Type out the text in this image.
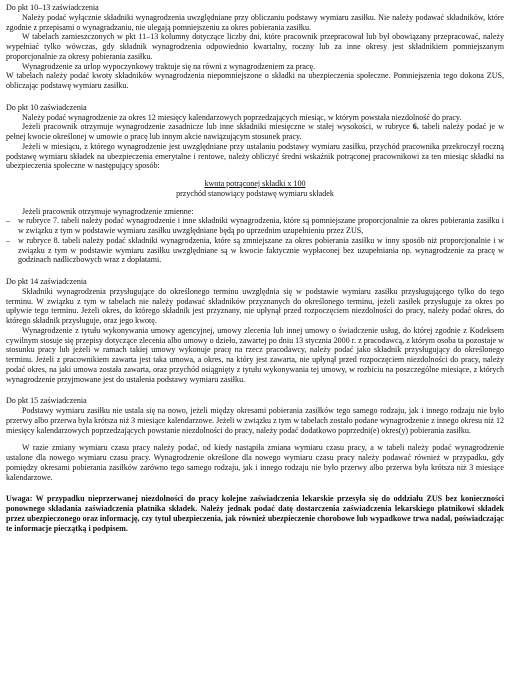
Do pkt 10–13 zaświadczenia

Należy podać wyłącznie składniki wynagrodzenia uwzględniane przy obliczaniu podstawy wymiaru zasiłku. Nie należy podawać składników, które zgodnie z przepisami o wynagradzaniu, nie ulegają pomniejszeniu za okres pobierania zasiłku.

W tabelach zamieszczonych w pkt 11–13 kolumny dotyczące liczby dni, które pracownik przepracował lub był obowiązany przepracować, należy wypełniać tylko wówczas, gdy składnik wynagrodzenia odpowiednio kwartalny, roczny lub za inne okresy jest składnikiem pomniejszanym proporcjonalnie za okresy pobierania zasiłku.

Wynagrodzenie za urlop wypoczynkowy traktuje się na równi z wynagrodzeniem za pracę.

W tabelach należy podać kwoty składników wynagrodzenia niepomniejszone o składki na ubezpieczenia społeczne. Pomniejszenia tego dokona ZUS, obliczając podstawę wymiaru zasiłku.

Do pkt 10 zaświadczenia

Należy podać wynagrodzenie za okres 12 miesięcy kalendarzowych poprzedzających miesiąc, w którym powstała niezdolność do pracy.

Jeżeli pracownik otrzymuje wynagrodzenie zasadnicze lub inne składniki miesięczne w stałej wysokości, w rubryce 6. tabeli należy podać je w pełnej kwocie określonej w umowie o pracę lub innym akcie nawiązującym stosunek pracy.

Jeżeli w miesiącu, z którego wynagrodzenie jest uwzględniane przy ustalaniu podstawy wymiaru zasiłku, przychód pracownika przekroczył roczną podstawę wymiaru składek na ubezpieczenia emerytalne i rentowe, należy obliczyć średni wskaźnik potrąconej pracownikowi za ten miesiąc składki na ubezpieczenia społeczne w następujący sposób:

kwota potrąconej składki x 100
przychód stanowiący podstawę wymiaru składek

Jeżeli pracownik otrzymuje wynagrodzenie zmienne:

– w rubryce 7. tabeli należy podać wynagrodzenie i inne składniki wynagrodzenia, które są pomniejszane proporcjonalnie za okres pobierania zasiłku i w związku z tym w podstawie wymiaru zasiłku uwzględniane będą po uprzednim uzupełnieniu przez ZUS,
– w rubryce 8. tabeli należy podać składniki wynagrodzenia, które są zmniejszane za okres pobierania zasiłku w inny sposób niż proporcjonalnie i w związku z tym w podstawie wymiaru zasiłku uwzględniane są w kwocie faktycznie wypłaconej bez uzupełniania np. wynagrodzenie za pracę w godzinach nadliczbowych wraz z dopłatami.

Do pkt 14 zaświadczenia

Składniki wynagrodzenia przysługujące do określonego terminu uwzględnia się w podstawie wymiaru zasiłku przysługującego tylko do tego terminu. W związku z tym w tabelach nie należy podawać składników przyznanych do określonego terminu, jeżeli zasiłek przysługuje za okres po upływie tego terminu. Jeżeli okres, do którego składnik jest przyznany, nie upłynął przed rozpoczęciem niezdolności do pracy, należy podać okres, do którego składnik przysługuje, oraz jego kwotę.

Wynagrodzenie z tytułu wykonywania umowy agencyjnej, umowy zlecenia lub innej umowy o świadczenie usług, do której zgodnie z Kodeksem cywilnym stosuje się przepisy dotyczące zlecenia albo umowy o dzieło, zawartej po dniu 13 stycznia 2000 r. z pracodawcą, z którym osoba ta pozostaje w stosunku pracy lub jeżeli w ramach takiej umowy wykonuje pracę na rzecz pracodawcy, należy podać jako składnik przysługujący do określonego terminu. Jeżeli z pracownikiem zawarta jest taka umowa, a okres, na który jest zawarta, nie upłynął przed rozpoczęciem niezdolności do pracy, należy podać okres, na jaki umowa została zawarta, oraz przychód osiągnięty z tytułu wykonywania tej umowy, w rozbiciu na poszczególne miesiące, z których wynagrodzenie przyjmowane jest do ustalenia podstawy wymiaru zasiłku.

Do pkt 15 zaświadczenia

Podstawy wymiaru zasiłku nie ustala się na nowo, jeżeli między okresami pobierania zasiłków tego samego rodzaju, jak i innego rodzaju nie było przerwy albo przerwa była krótsza niż 3 miesiące kalendarzowe. Jeżeli w związku z tym w tabelach zostało podane wynagrodzenie z innego okresu niż 12 miesięcy kalendarzowych poprzedzających powstanie niezdolności do pracy, należy podać dodatkowo poprzedni(e) okres(y) pobierania zasiłku.

W razie zmiany wymiaru czasu pracy należy podać, od kiedy nastąpiła zmiana wymiaru czasu pracy, a w tabeli należy podać wynagrodzenie ustalone dla nowego wymiaru czasu pracy. Wynagrodzenie określone dla nowego wymiaru czasu pracy należy podawać również w przypadku, gdy pomiędzy okresami pobierania zasiłków zarówno tego samego rodzaju, jak i innego rodzaju nie było przerwy albo przerwa była krótsza niż 3 miesiące kalendarzowe.

Uwaga: W przypadku nieprzerwanej niezdolności do pracy kolejne zaświadczenia lekarskie przesyła się do oddziału ZUS bez konieczności ponownego składania zaświadczenia płatnika składek. Należy jednak podać datę dostarczenia zaświadczenia lekarskiego płatnikowi składek przez ubezpieczonego oraz informację, czy tytuł ubezpieczenia, jak również ubezpieczenie chorobowe lub wypadkowe trwa nadal, poświadczając te informacje pieczątką i podpisem.
